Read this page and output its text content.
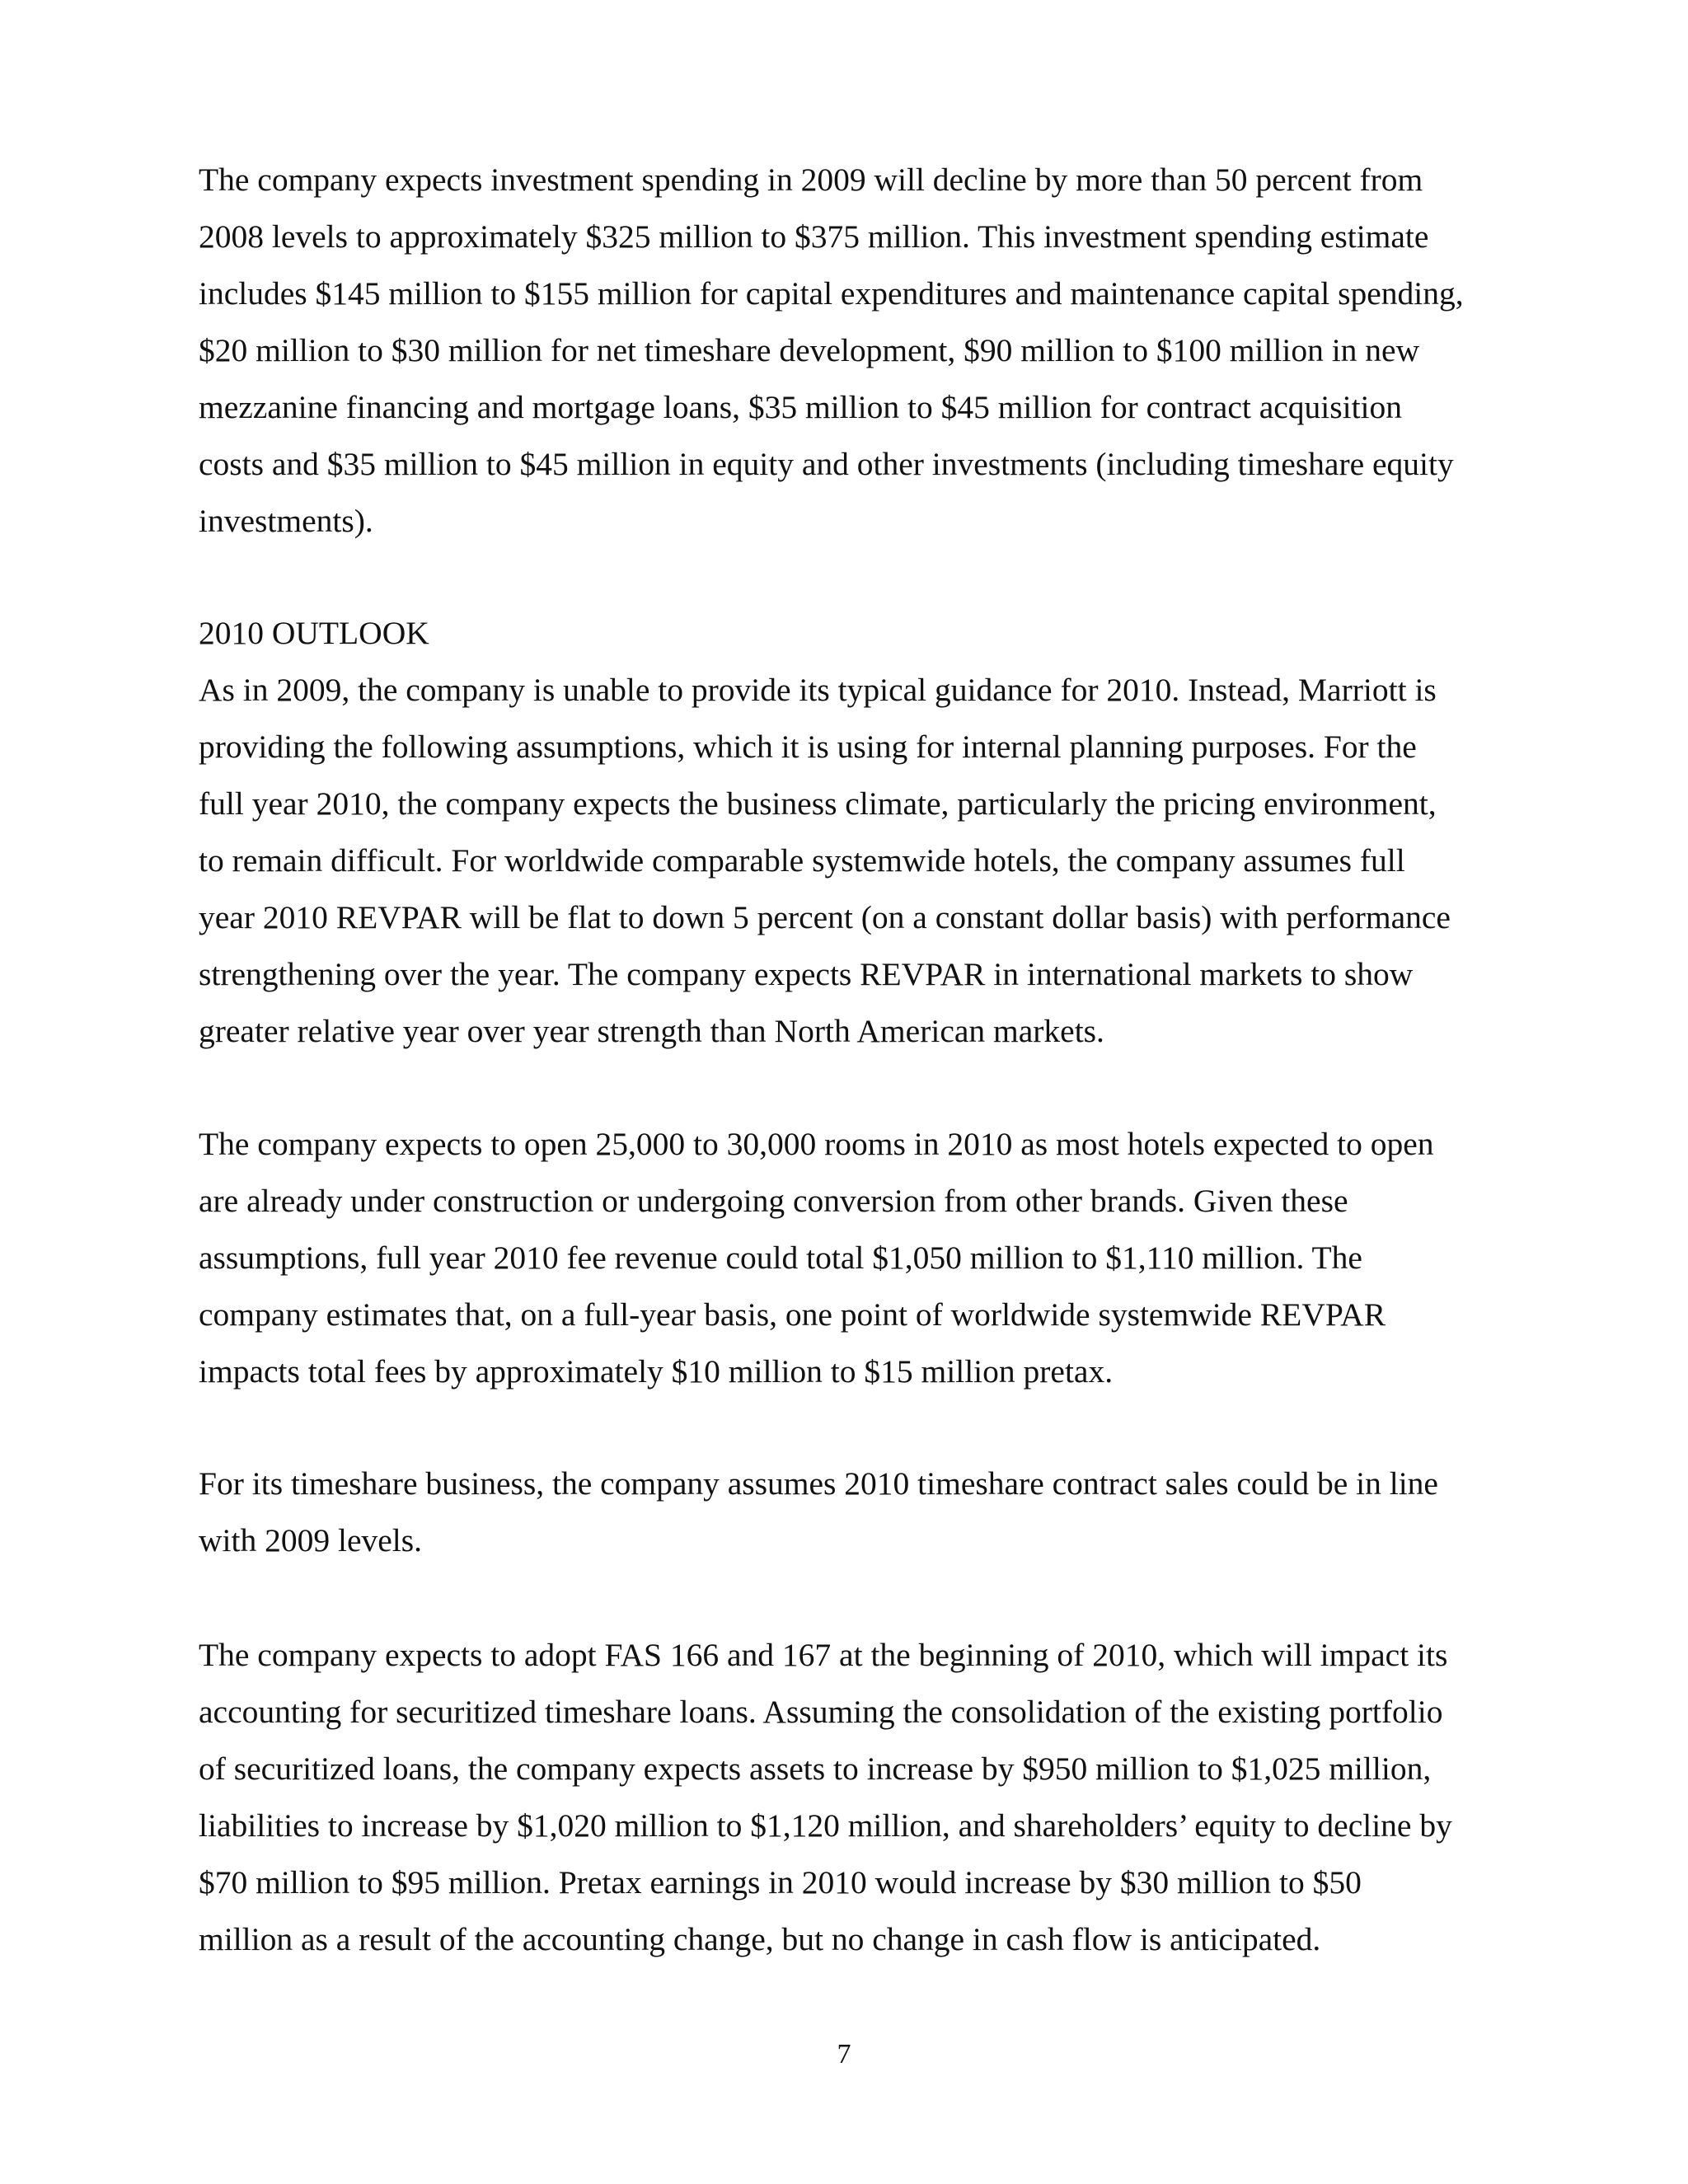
The company expects investment spending in 2009 will decline by more than 50 percent from
2008 levels to approximately $325 million to $375 million. This investment spending estimate
includes $145 million to $155 million for capital expenditures and maintenance capital spending,
$20 million to $30 million for net timeshare development, $90 million to $100 million in new
mezzanine financing and mortgage loans, $35 million to $45 million for contract acquisition
costs and $35 million to $45 million in equity and other investments (including timeshare equity
investments).

2010 OUTLOOK
As in 2009, the company is unable to provide its typical guidance for 2010. Instead, Marriott is
providing the following assumptions, which it is using for internal planning purposes. For the
full year 2010, the company expects the business climate, particularly the pricing environment,
to remain difficult. For worldwide comparable systemwide hotels, the company assumes full
year 2010 REVPAR will be flat to down 5 percent (on a constant dollar basis) with performance
strengthening over the year. The company expects REVPAR in international markets to show
greater relative year over year strength than North American markets.

The company expects to open 25,000 to 30,000 rooms in 2010 as most hotels expected to open
are already under construction or undergoing conversion from other brands. Given these
assumptions, full year 2010 fee revenue could total $1,050 million to $1,110 million. The
company estimates that, on a full-year basis, one point of worldwide systemwide REVPAR
impacts total fees by approximately $10 million to $15 million pretax.

For its timeshare business, the company assumes 2010 timeshare contract sales could be in line
with 2009 levels.

The company expects to adopt FAS 166 and 167 at the beginning of 2010, which will impact its
accounting for securitized timeshare loans. Assuming the consolidation of the existing portfolio
of securitized loans, the company expects assets to increase by $950 million to $1,025 million,
liabilities to increase by $1,020 million to $1,120 million, and shareholders’ equity to decline by
$70 million to $95 million. Pretax earnings in 2010 would increase by $30 million to $50
million as a result of the accounting change, but no change in cash flow is anticipated.

7
